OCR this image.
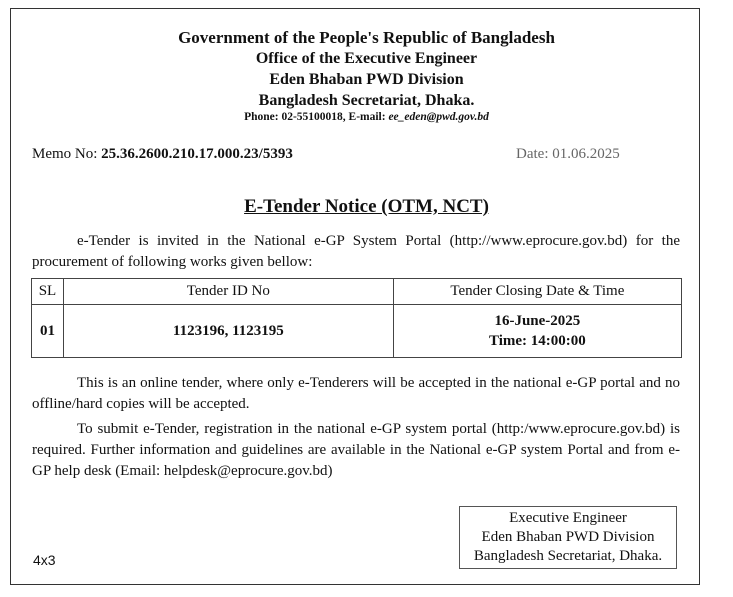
Government of the People's Republic of Bangladesh
Office of the Executive Engineer
Eden Bhaban PWD Division
Bangladesh Secretariat, Dhaka.
Phone: 02-55100018, E-mail: ee_eden@pwd.gov.bd
Memo No: 25.36.2600.210.17.000.23/5393	Date: 01.06.2025
E-Tender Notice (OTM, NCT)
e-Tender is invited in the National e-GP System Portal (http://www.eprocure.gov.bd) for the procurement of following works given bellow:
SL	Tender ID No	Tender Closing Date & Time
01	1123196, 1123195	16-June-2025
Time: 14:00:00
This is an online tender, where only e-Tenderers will be accepted in the national e-GP portal and no offline/hard copies will be accepted.
To submit e-Tender, registration in the national e-GP system portal (http:/www.eprocure.gov.bd) is required. Further information and guidelines are available in the National e-GP system Portal and from e-GP help desk (Email: helpdesk@eprocure.gov.bd)
Executive Engineer
Eden Bhaban PWD Division
Bangladesh Secretariat, Dhaka.
4x3
